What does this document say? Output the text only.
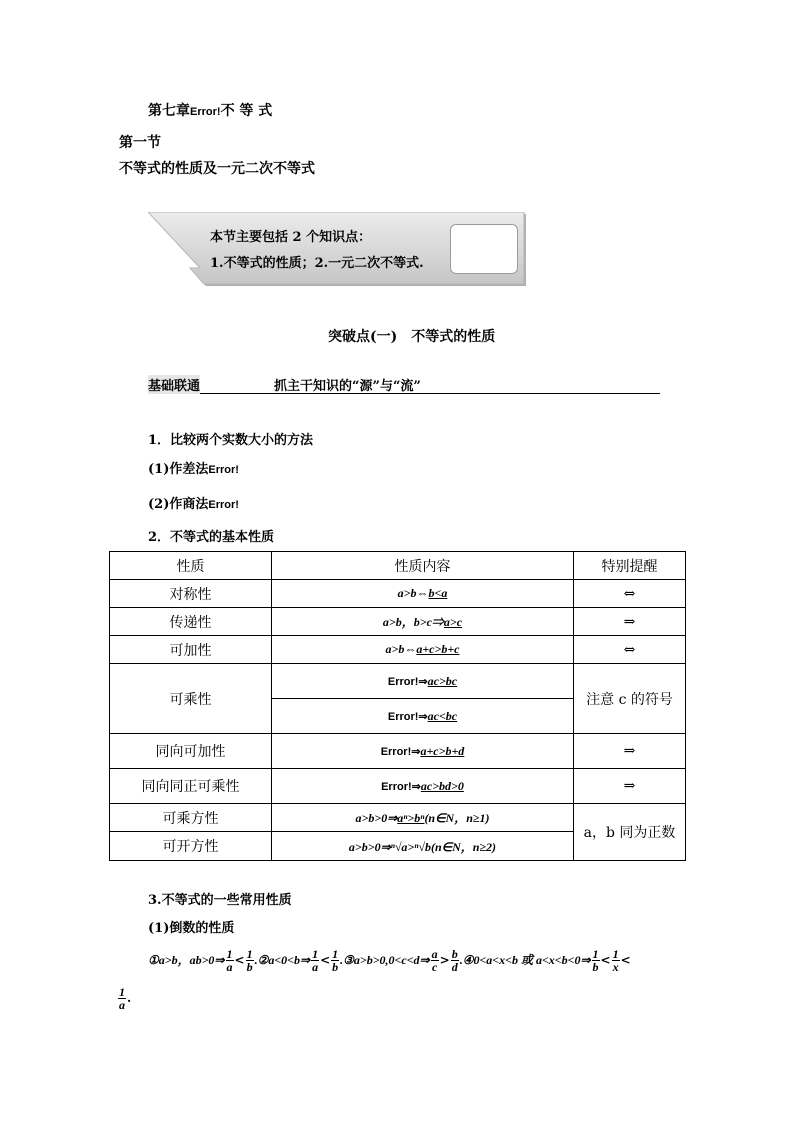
第七章Error!不 等 式
第一节
不等式的性质及一元二次不等式
本节主要包括 2 个知识点：
1.不等式的性质；2.一元二次不等式.
突破点(一)　不等式的性质
基础联通	抓主干知识的“源”与“流”
1．比较两个实数大小的方法
(1)作差法Error!
(2)作商法Error!
2．不等式的基本性质
性质	性质内容	特别提醒
对称性	a>b⇔b<a	⇔
传递性	a>b，b>c⇒a>c	⇒
可加性	a>b⇔a+c>b+c	⇔
可乘性	Error!⇒ac>bc	注意 c 的符号
	Error!⇒ac<bc	
同向可加性	Error!⇒a+c>b+d	⇒
同向同正可乘性	Error!⇒ac>bd>0	⇒
可乘方性	a>b>0⇒aⁿ>bⁿ(n∈N，n≥1)	a，b 同为正数
可开方性	a>b>0⇒ⁿ√a>ⁿ√b(n∈N，n≥2)	
3.不等式的一些常用性质
(1)倒数的性质
①a>b，ab>0⇒ $\frac{1}{a} < \frac{1}{b}$ .②a<0<b⇒ $\frac{1}{a} < \frac{1}{b}$ .③a>b>0,0<c<d⇒ $\frac{a}{c} > \frac{b}{d}$ .④0<a<x<b 或 a<x<b<0⇒ $\frac{1}{b} < \frac{1}{x}$ <
$\frac{1}{a}$ .
